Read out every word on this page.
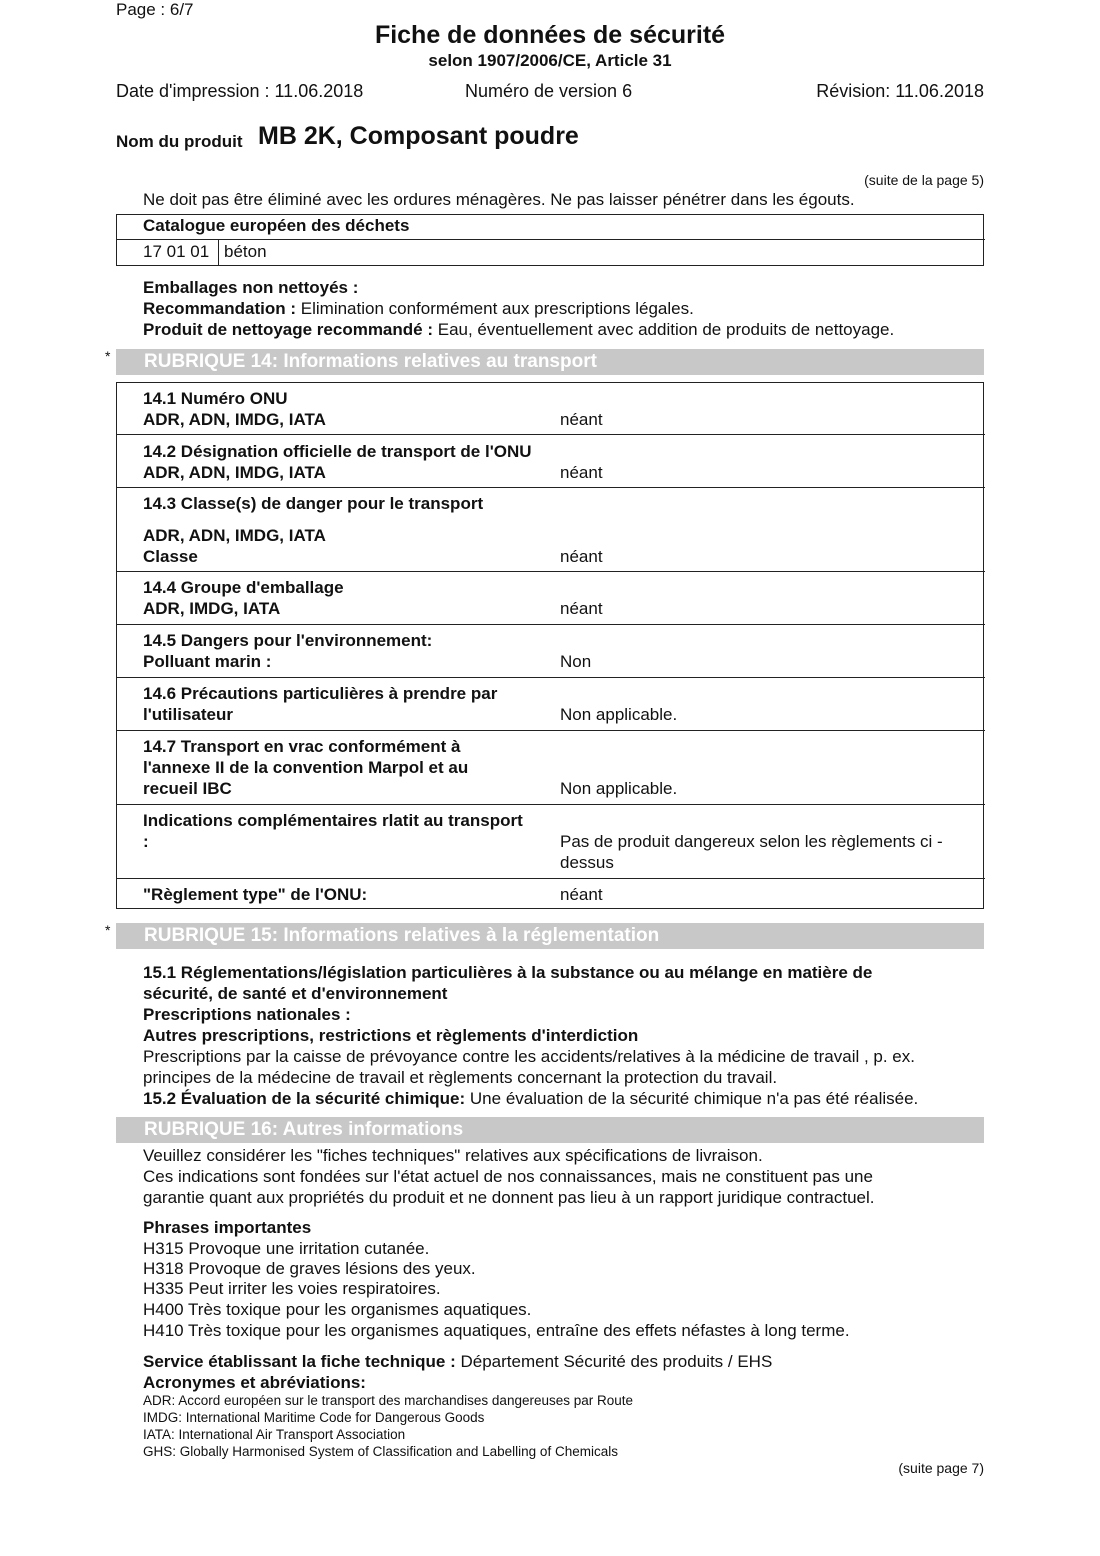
Page : 6/7
Fiche de données de sécurité
selon 1907/2006/CE, Article 31
Date d'impression : 11.06.2018	Numéro de version 6	Révision: 11.06.2018
Nom du produit MB 2K, Composant poudre
(suite de la page 5)
Ne doit pas être éliminé avec les ordures ménagères. Ne pas laisser pénétrer dans les égouts.
Catalogue européen des déchets
17 01 01 béton
Emballages non nettoyés :
Recommandation : Elimination conformément aux prescriptions légales.
Produit de nettoyage recommandé : Eau, éventuellement avec addition de produits de nettoyage.
*	RUBRIQUE 14: Informations relatives au transport
14.1 Numéro ONU
ADR, ADN, IMDG, IATA	néant
14.2 Désignation officielle de transport de l'ONU
ADR, ADN, IMDG, IATA	néant
14.3 Classe(s) de danger pour le transport
ADR, ADN, IMDG, IATA
Classe	néant
14.4 Groupe d'emballage
ADR, IMDG, IATA	néant
14.5 Dangers pour l'environnement:
Polluant marin :	Non
14.6 Précautions particulières à prendre par
l'utilisateur	Non applicable.
14.7 Transport en vrac conformément à
l'annexe II de la convention Marpol et au
recueil IBC	Non applicable.
Indications complémentaires rlatit au transport
:	Pas de produit dangereux selon les règlements ci -
dessus
"Règlement type" de l'ONU:	néant
*	RUBRIQUE 15: Informations relatives à la réglementation
15.1 Réglementations/législation particulières à la substance ou au mélange en matière de
sécurité, de santé et d'environnement
Prescriptions nationales :
Autres prescriptions, restrictions et règlements d'interdiction
Prescriptions par la caisse de prévoyance contre les accidents/relatives à la médicine de travail , p. ex.
principes de la médecine de travail et règlements concernant la protection du travail.
15.2 Évaluation de la sécurité chimique: Une évaluation de la sécurité chimique n'a pas été réalisée.
RUBRIQUE 16: Autres informations
Veuillez considérer les "fiches techniques" relatives aux spécifications de livraison.
Ces indications sont fondées sur l'état actuel de nos connaissances, mais ne constituent pas une
garantie quant aux propriétés du produit et ne donnent pas lieu à un rapport juridique contractuel.
Phrases importantes
H315 Provoque une irritation cutanée.
H318 Provoque de graves lésions des yeux.
H335 Peut irriter les voies respiratoires.
H400 Très toxique pour les organismes aquatiques.
H410 Très toxique pour les organismes aquatiques, entraîne des effets néfastes à long terme.
Service établissant la fiche technique : Département Sécurité des produits / EHS
Acronymes et abréviations:
ADR: Accord européen sur le transport des marchandises dangereuses par Route
IMDG: International Maritime Code for Dangerous Goods
IATA: International Air Transport Association
GHS: Globally Harmonised System of Classification and Labelling of Chemicals
(suite page 7)
